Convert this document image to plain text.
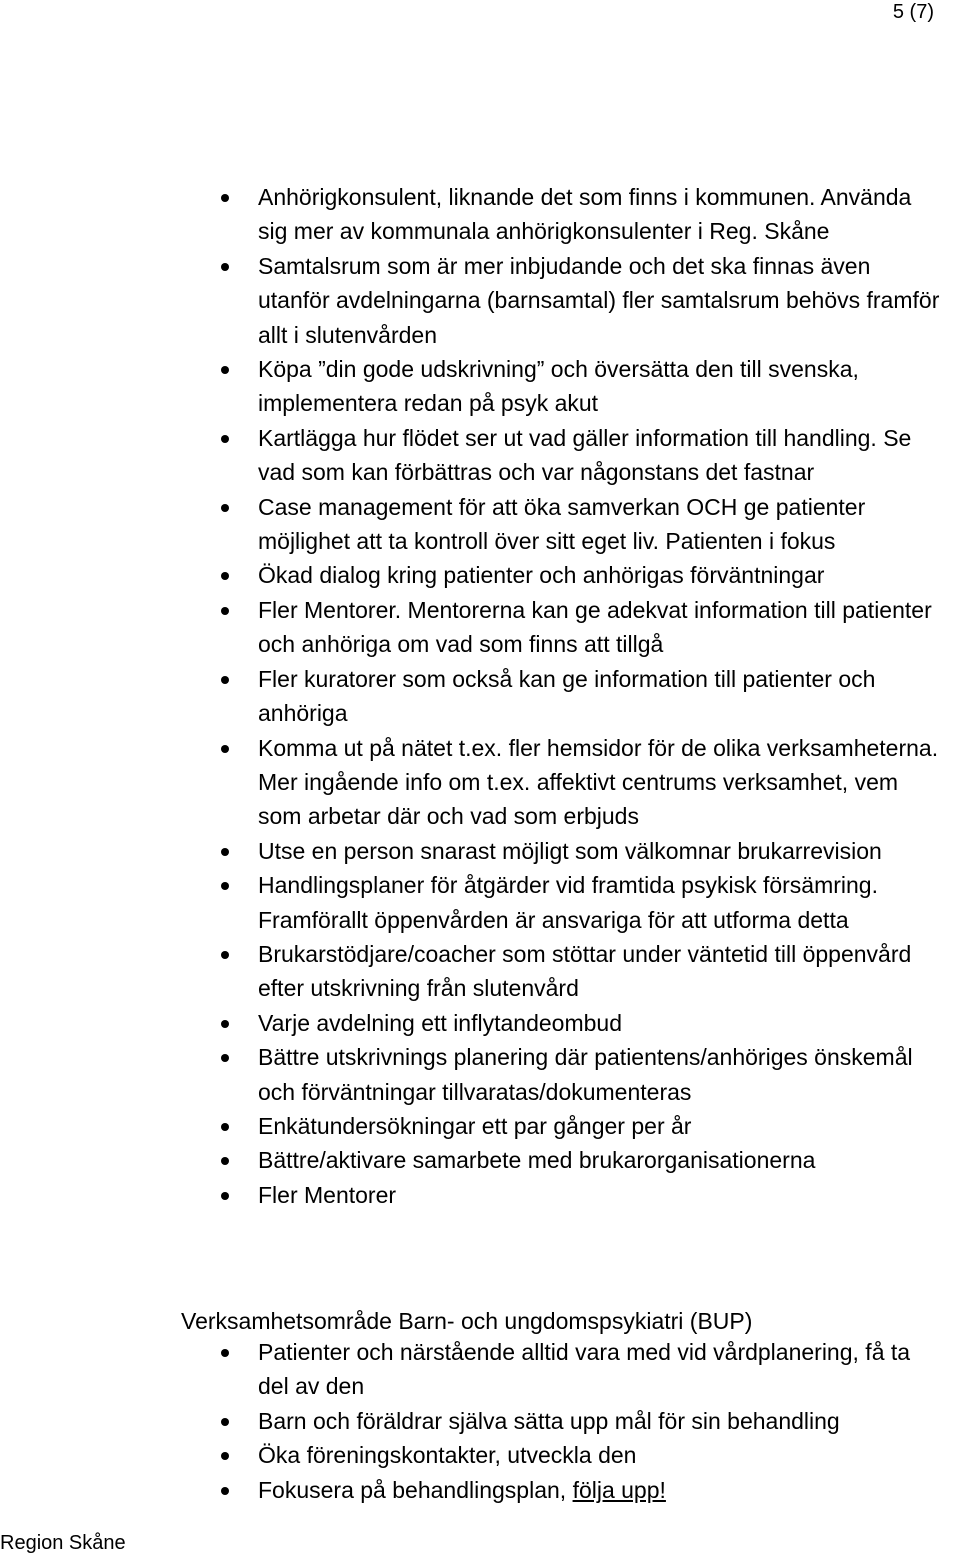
5 (7)
Anhörigkonsulent, liknande det som finns i kommunen. Använda sig mer av kommunala anhörigkonsulenter i Reg. Skåne
Samtalsrum som är mer inbjudande och det ska finnas även utanför avdelningarna (barnsamtal) fler samtalsrum behövs framför allt i slutenvården
Köpa ”din gode udskrivning” och översätta den till svenska, implementera redan på psyk akut
Kartlägga hur flödet ser ut vad gäller information till handling. Se vad som kan förbättras och var någonstans det fastnar
Case management för att öka samverkan OCH ge patienter möjlighet att ta kontroll över sitt eget liv. Patienten i fokus
Ökad dialog kring patienter och anhörigas förväntningar
Fler Mentorer. Mentorerna kan ge adekvat information till patienter och anhöriga om vad som finns att tillgå
Fler kuratorer som också kan ge information till patienter och anhöriga
Komma ut på nätet t.ex. fler hemsidor för de olika verksamheterna. Mer ingående info om t.ex. affektivt centrums verksamhet, vem som arbetar där och vad som erbjuds
Utse en person snarast möjligt som välkomnar brukarrevision
Handlingsplaner för åtgärder vid framtida psykisk försämring. Framförallt öppenvården är ansvariga för att utforma detta
Brukarstödjare/coacher som stöttar under väntetid till öppenvård efter utskrivning från slutenvård
Varje avdelning ett inflytandeombud
Bättre utskrivnings planering där patientens/anhöriges önskemål och förväntningar tillvaratas/dokumenteras
Enkätundersökningar ett par gånger per år
Bättre/aktivare samarbete med brukarorganisationerna
Fler Mentorer
Verksamhetsområde Barn- och ungdomspsykiatri (BUP)
Patienter och närstående alltid vara med vid vårdplanering, få ta del av den
Barn och föräldrar själva sätta upp mål för sin behandling
Öka föreningskontakter, utveckla den
Fokusera på behandlingsplan, följa upp!
Region Skåne
